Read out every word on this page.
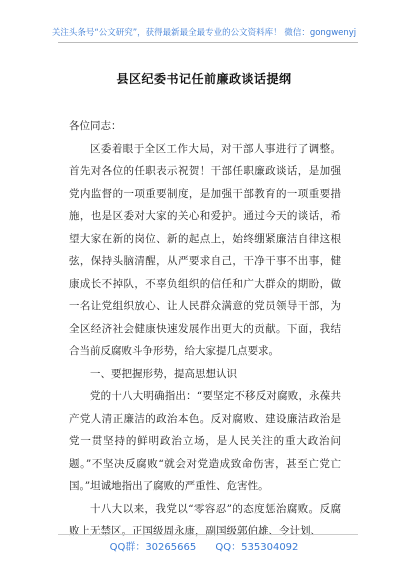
关注头条号“公文研究”，获得最新最全最专业的公文资料库！ 微信：gongwenyj
县区纪委书记任前廉政谈话提纲

各位同志：

区委着眼于全区工作大局，对干部人事进行了调整。首先对各位的任职表示祝贺！干部任职廉政谈话，是加强党内监督的一项重要制度，是加强干部教育的一项重要措施，也是区委对大家的关心和爱护。通过今天的谈话，希望大家在新的岗位、新的起点上，始终绷紧廉洁自律这根弦，保持头脑清醒，从严要求自己，干净干事不出事，健康成长不掉队，不辜负组织的信任和广大群众的期盼，做一名让党组织放心、让人民群众满意的党员领导干部，为全区经济社会健康快速发展作出更大的贡献。下面，我结合当前反腐败斗争形势，给大家提几点要求。

一、要把握形势，提高思想认识

党的十八大明确指出：“要坚定不移反对腐败，永葆共产党人清正廉洁的政治本色。反对腐败、建设廉洁政治是党一贯坚持的鲜明政治立场，是人民关注的重大政治问题。”不坚决反腐败“就会对党造成致命伤害，甚至亡党亡国。”坦诚地指出了腐败的严重性、危害性。

十八大以来，我党以“零容忍”的态度惩治腐败。反腐败上无禁区。正国级周永康，副国级郭伯雄、令计划、

QQ群：30265665 QQ：535304092
